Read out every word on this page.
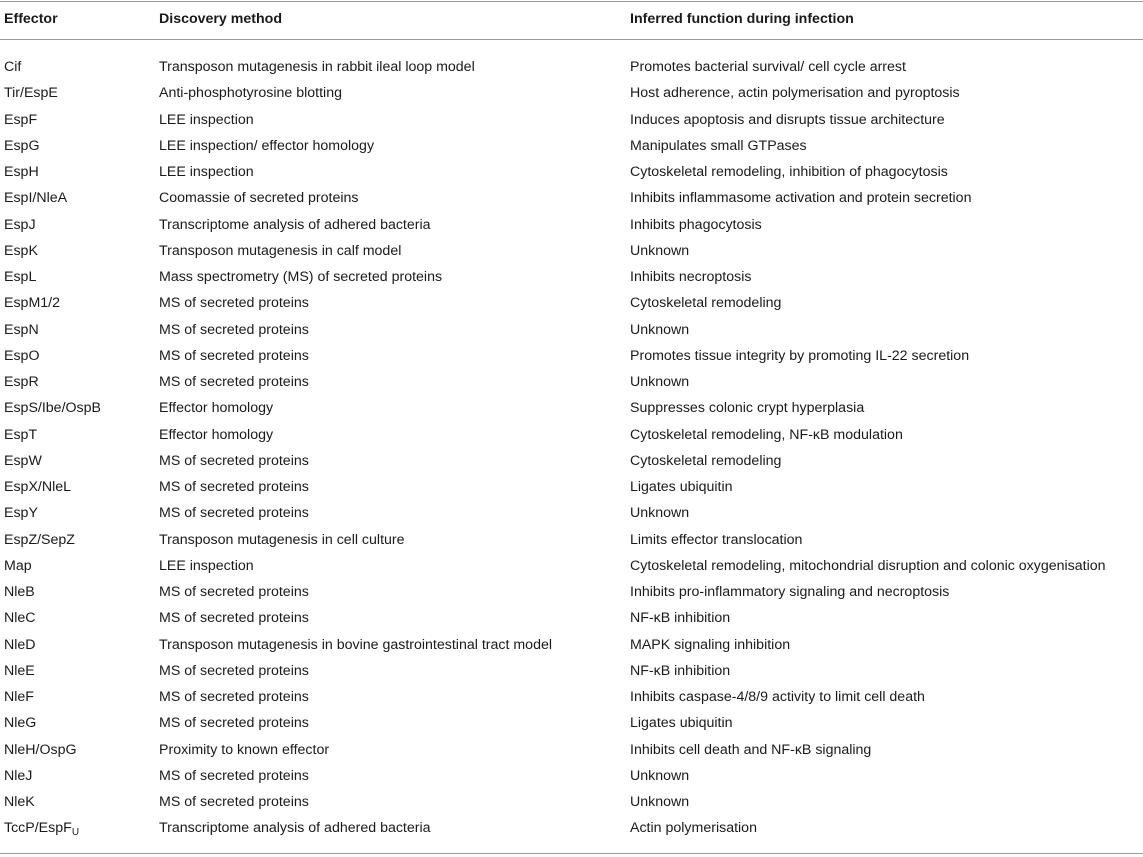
Effector	Discovery method	Inferred function during infection
Cif	Transposon mutagenesis in rabbit ileal loop model	Promotes bacterial survival/ cell cycle arrest
Tir/EspE	Anti-phosphotyrosine blotting	Host adherence, actin polymerisation and pyroptosis
EspF	LEE inspection	Induces apoptosis and disrupts tissue architecture
EspG	LEE inspection/ effector homology	Manipulates small GTPases
EspH	LEE inspection	Cytoskeletal remodeling, inhibition of phagocytosis
EspI/NleA	Coomassie of secreted proteins	Inhibits inflammasome activation and protein secretion
EspJ	Transcriptome analysis of adhered bacteria	Inhibits phagocytosis
EspK	Transposon mutagenesis in calf model	Unknown
EspL	Mass spectrometry (MS) of secreted proteins	Inhibits necroptosis
EspM1/2	MS of secreted proteins	Cytoskeletal remodeling
EspN	MS of secreted proteins	Unknown
EspO	MS of secreted proteins	Promotes tissue integrity by promoting IL-22 secretion
EspR	MS of secreted proteins	Unknown
EspS/Ibe/OspB	Effector homology	Suppresses colonic crypt hyperplasia
EspT	Effector homology	Cytoskeletal remodeling, NF-κB modulation
EspW	MS of secreted proteins	Cytoskeletal remodeling
EspX/NleL	MS of secreted proteins	Ligates ubiquitin
EspY	MS of secreted proteins	Unknown
EspZ/SepZ	Transposon mutagenesis in cell culture	Limits effector translocation
Map	LEE inspection	Cytoskeletal remodeling, mitochondrial disruption and colonic oxygenisation
NleB	MS of secreted proteins	Inhibits pro-inflammatory signaling and necroptosis
NleC	MS of secreted proteins	NF-κB inhibition
NleD	Transposon mutagenesis in bovine gastrointestinal tract model	MAPK signaling inhibition
NleE	MS of secreted proteins	NF-κB inhibition
NleF	MS of secreted proteins	Inhibits caspase-4/8/9 activity to limit cell death
NleG	MS of secreted proteins	Ligates ubiquitin
NleH/OspG	Proximity to known effector	Inhibits cell death and NF-κB signaling
NleJ	MS of secreted proteins	Unknown
NleK	MS of secreted proteins	Unknown
TccP/EspF$_U$	Transcriptome analysis of adhered bacteria	Actin polymerisation
